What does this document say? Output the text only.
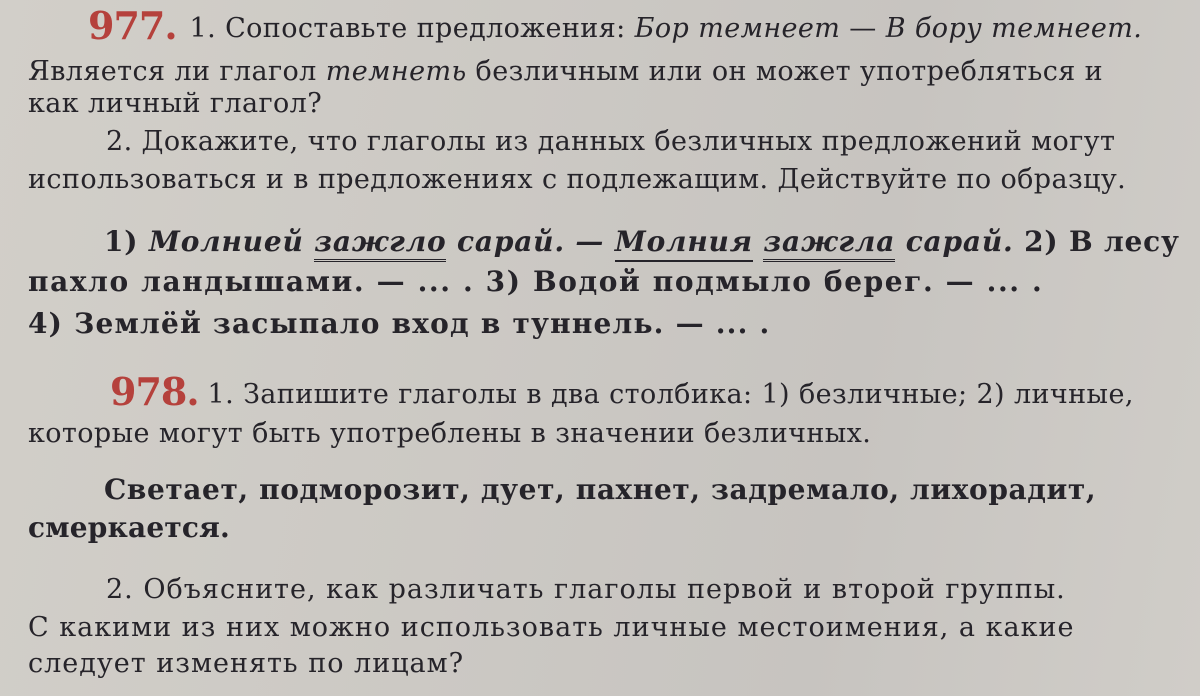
977. 1. Сопоставьте предложения: Бор темнеет — В бору темнеет.
Является ли глагол темнеть безличным или он может употребляться и
как личный глагол?
2. Докажите, что глаголы из данных безличных предложений могут
использоваться и в предложениях с подлежащим. Действуйте по образцу.
1) Молнией зажгло сарай. — Молния зажгла сарай. 2) В лесу
пахло ландышами. — ... . 3) Водой подмыло берег. — ... .
4) Землёй засыпало вход в туннель. — ... .
978. 1. Запишите глаголы в два столбика: 1) безличные; 2) личные,
которые могут быть употреблены в значении безличных.
Светает, подморозит, дует, пахнет, задремало, лихорадит,
смеркается.
2. Объясните, как различать глаголы первой и второй группы.
С какими из них можно использовать личные местоимения, а какие
следует изменять по лицам?
